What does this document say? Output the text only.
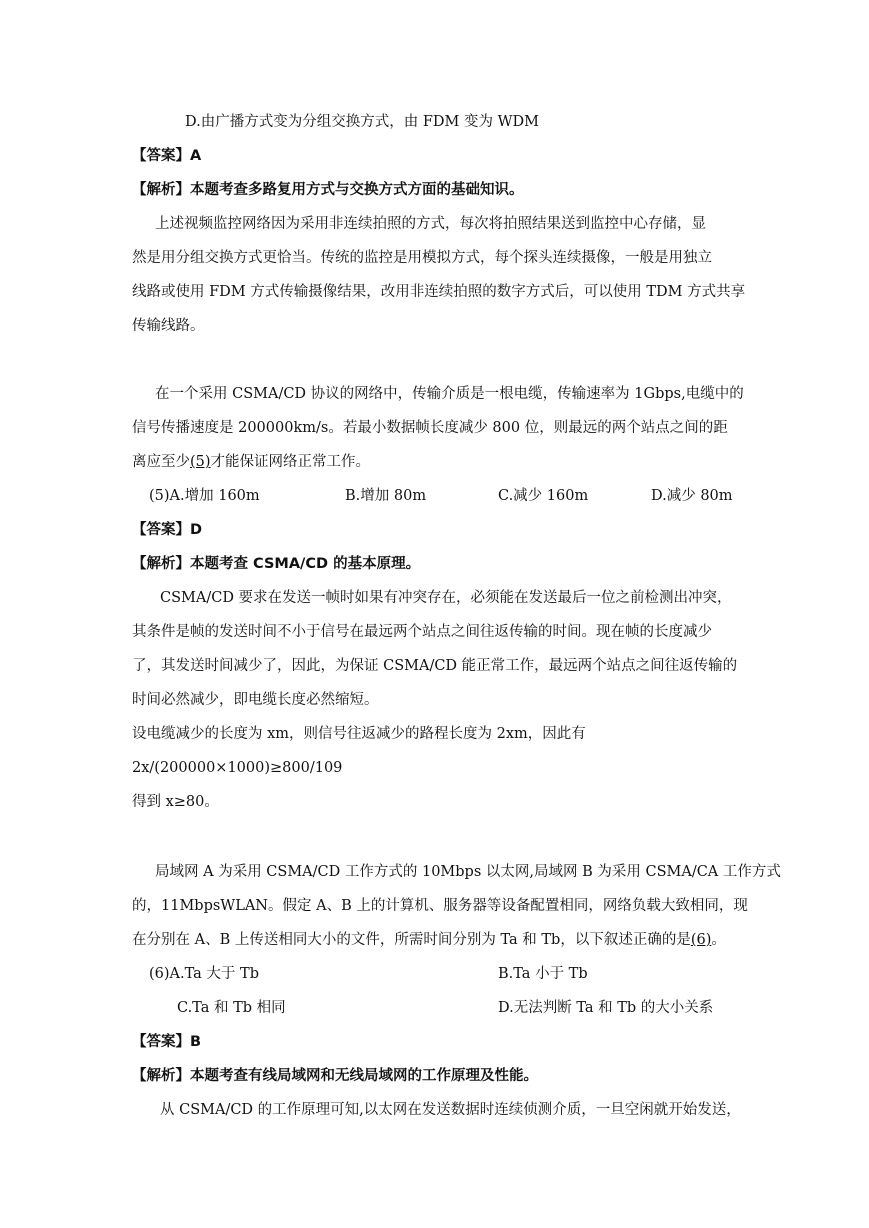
D.由广播方式变为分组交换方式，由 FDM 变为 WDM
【答案】A
【解析】本题考查多路复用方式与交换方式方面的基础知识。
上述视频监控网络因为采用非连续拍照的方式，每次将拍照结果送到监控中心存储，显
然是用分组交换方式更恰当。传统的监控是用模拟方式，每个探头连续摄像，一般是用独立
线路或使用 FDM 方式传输摄像结果，改用非连续拍照的数字方式后，可以使用 TDM 方式共享
传输线路。
在一个采用 CSMA/CD 协议的网络中，传输介质是一根电缆，传输速率为 1Gbps,电缆中的
信号传播速度是 200000km/s。若最小数据帧长度减少 800 位，则最远的两个站点之间的距
离应至少(5)才能保证网络正常工作。
(5)A.增加 160m	B.增加 80m	C.减少 160m	D.减少 80m
【答案】D
【解析】本题考查 CSMA/CD 的基本原理。
CSMA/CD 要求在发送一帧时如果有冲突存在，必须能在发送最后一位之前检测出冲突，
其条件是帧的发送时间不小于信号在最远两个站点之间往返传输的时间。现在帧的长度减少
了，其发送时间减少了，因此，为保证 CSMA/CD 能正常工作，最远两个站点之间往返传输的
时间必然减少，即电缆长度必然缩短。
设电缆减少的长度为 xm，则信号往返减少的路程长度为 2xm，因此有
2x/(200000×1000)≥800/109
得到 x≥80。
局域网 A 为采用 CSMA/CD 工作方式的 10Mbps 以太网,局域网 B 为采用 CSMA/CA 工作方式
的，11MbpsWLAN。假定 A、B 上的计算机、服务器等设备配置相同，网络负载大致相同，现
在分别在 A、B 上传送相同大小的文件，所需时间分别为 Ta 和 Tb，以下叙述正确的是(6)。
(6)A.Ta 大于 Tb	B.Ta 小于 Tb
C.Ta 和 Tb 相同	D.无法判断 Ta 和 Tb 的大小关系
【答案】B
【解析】本题考查有线局域网和无线局域网的工作原理及性能。
从 CSMA/CD 的工作原理可知,以太网在发送数据时连续侦测介质，一旦空闲就开始发送，
